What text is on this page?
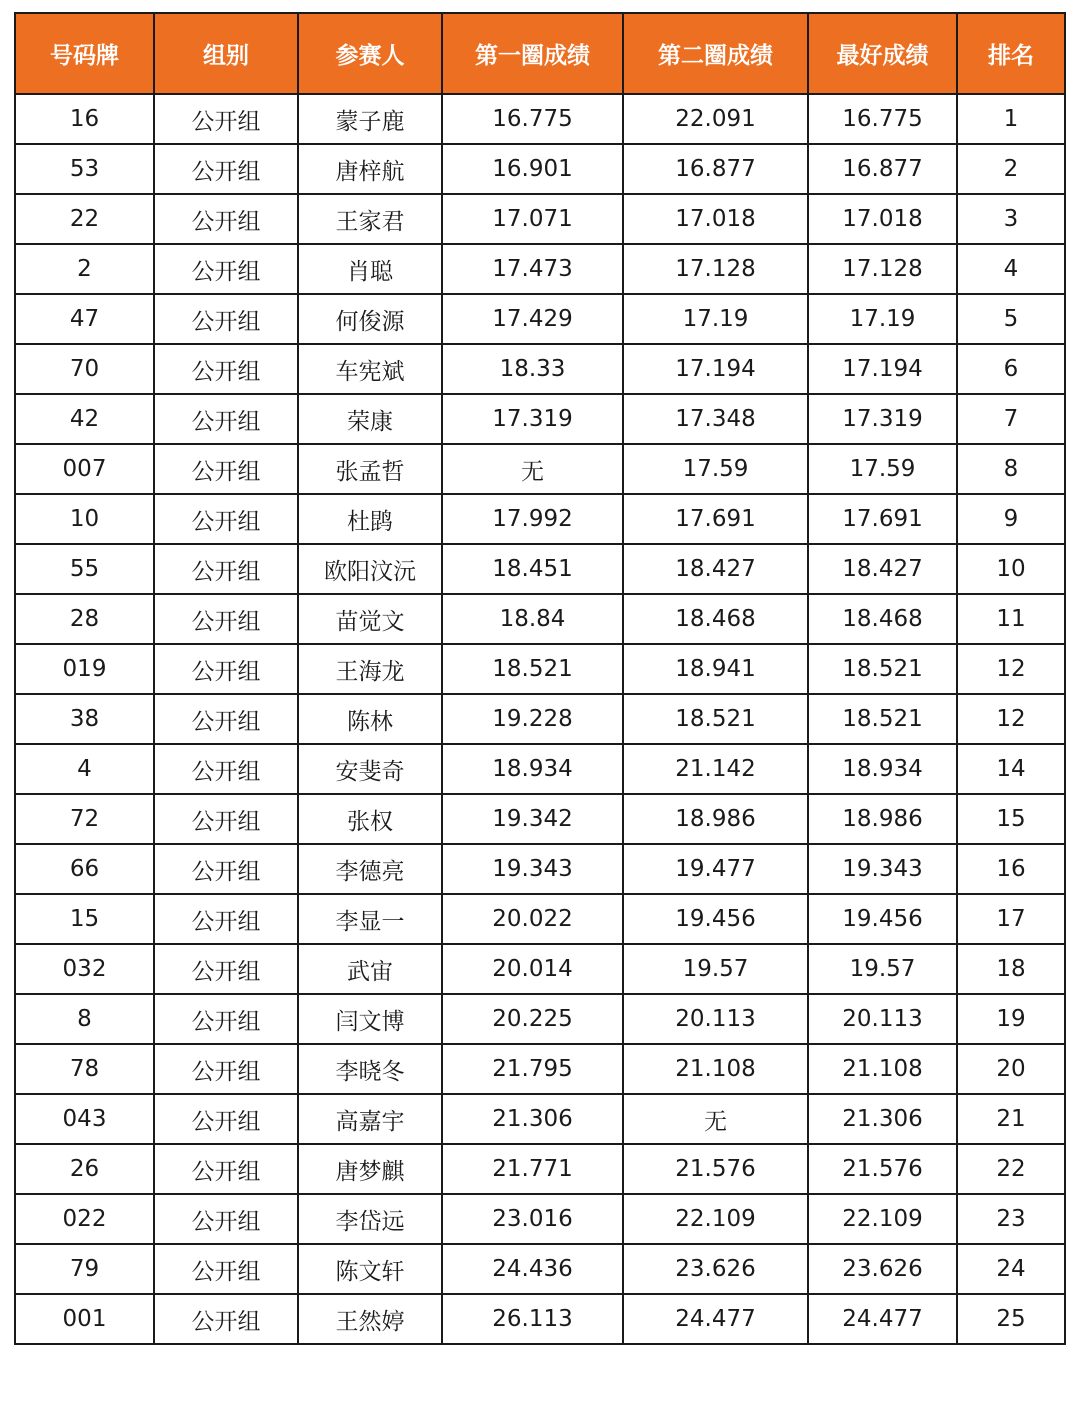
号码牌	组别	参赛人	第一圈成绩	第二圈成绩	最好成绩	排名
16	公开组	蒙子鹿	16.775	22.091	16.775	1
53	公开组	唐梓航	16.901	16.877	16.877	2
22	公开组	王家君	17.071	17.018	17.018	3
2	公开组	肖聪	17.473	17.128	17.128	4
47	公开组	何俊源	17.429	17.19	17.19	5
70	公开组	车宪斌	18.33	17.194	17.194	6
42	公开组	荣康	17.319	17.348	17.319	7
007	公开组	张孟哲	无	17.59	17.59	8
10	公开组	杜鹍	17.992	17.691	17.691	9
55	公开组	欧阳汶沅	18.451	18.427	18.427	10
28	公开组	苗觉文	18.84	18.468	18.468	11
019	公开组	王海龙	18.521	18.941	18.521	12
38	公开组	陈林	19.228	18.521	18.521	12
4	公开组	安斐奇	18.934	21.142	18.934	14
72	公开组	张权	19.342	18.986	18.986	15
66	公开组	李德亮	19.343	19.477	19.343	16
15	公开组	李显一	20.022	19.456	19.456	17
032	公开组	武宙	20.014	19.57	19.57	18
8	公开组	闫文博	20.225	20.113	20.113	19
78	公开组	李晓冬	21.795	21.108	21.108	20
043	公开组	高嘉宇	21.306	无	21.306	21
26	公开组	唐梦麒	21.771	21.576	21.576	22
022	公开组	李岱远	23.016	22.109	22.109	23
79	公开组	陈文轩	24.436	23.626	23.626	24
001	公开组	王然婷	26.113	24.477	24.477	25
